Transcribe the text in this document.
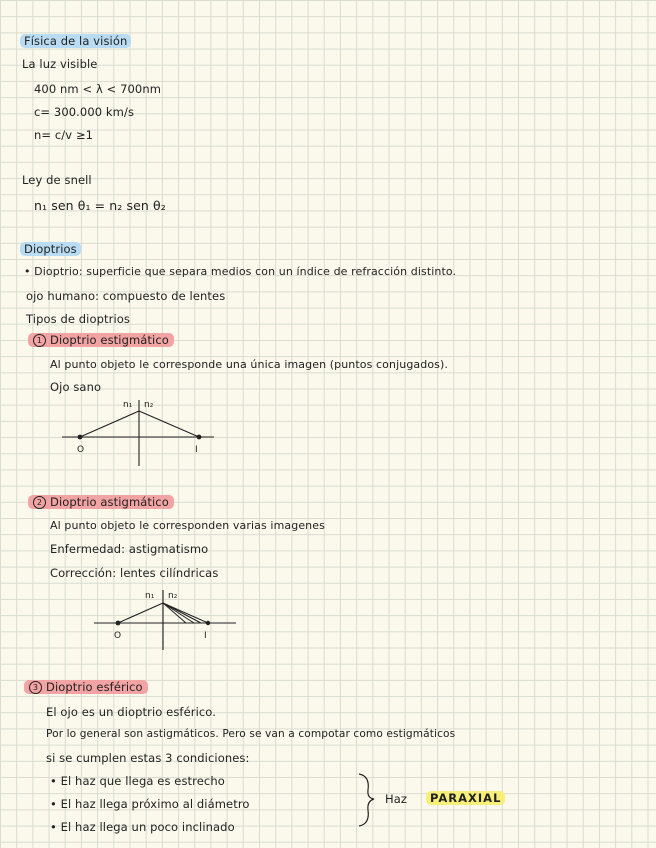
Física de la visión
La luz visible
400 nm < λ < 700nm
c= 300.000 km/s
n= c/v ≥1
Ley de snell
n₁ sen θ₁ = n₂ sen θ₂
Dioptrios
• Dioptrio: superficie que separa medios con un índice de refracción distinto.
ojo humano: compuesto de lentes
Tipos de dioptrios
1 Dioptrio estigmático
Al punto objeto le corresponde una única imagen (puntos conjugados).
Ojo sano
n₁ n₂
O	I
2 Dioptrio astigmático
Al punto objeto le corresponden varias imagenes
Enfermedad: astigmatismo
Corrección: lentes cilíndricas
n₁ n₂
O	I
3 Dioptrio esférico
El ojo es un dioptrio esférico.
Por lo general son astigmáticos. Pero se van a compotar como estigmáticos
si se cumplen estas 3 condiciones:
• El haz que llega es estrecho
• El haz llega próximo al diámetro
• El haz llega un poco inclinado
Haz	PARAXIAL
